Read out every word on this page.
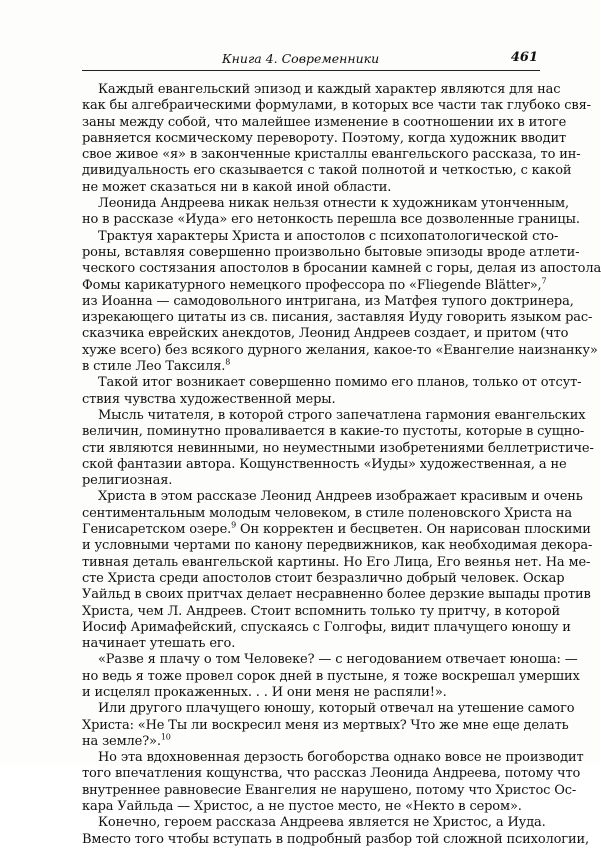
Книга 4. Современники	461
Каждый евангельский эпизод и каждый характер являются для нас
как бы алгебраическими формулами, в которых все части так глубоко свя-
заны между собой, что малейшее изменение в соотношении их в итоге
равняется космическому перевороту. Поэтому, когда художник вводит
свое живое «я» в законченные кристаллы евангельского рассказа, то ин-
дивидуальность его сказывается с такой полнотой и четкостью, с какой
не может сказаться ни в какой иной области.
Леонида Андреева никак нельзя отнести к художникам утонченным,
но в рассказе «Иуда» его нетонкость перешла все дозволенные границы.
Трактуя характеры Христа и апостолов с психопатологической сто-
роны, вставляя совершенно произвольно бытовые эпизоды вроде атлети-
ческого состязания апостолов в бросании камней с горы, делая из апостола
Фомы карикатурного немецкого профессора по «Fliegende Blätter»,$^7$
из Иоанна — самодовольного интригана, из Матфея тупого доктринера,
изрекающего цитаты из св. писания, заставляя Иуду говорить языком рас-
сказчика еврейских анекдотов, Леонид Андреев создает, и притом (что
хуже всего) без всякого дурного желания, какое-то «Евангелие наизнанку»
в стиле Лео Таксиля.$^8$
Такой итог возникает совершенно помимо его планов, только от отсут-
ствия чувства художественной меры.
Мысль читателя, в которой строго запечатлена гармония евангельских
величин, поминутно проваливается в какие-то пустоты, которые в сущно-
сти являются невинными, но неуместными изобретениями беллетристиче-
ской фантазии автора. Кощунственность «Иуды» художественная, а не
религиозная.
Христа в этом рассказе Леонид Андреев изображает красивым и очень
сентиментальным молодым человеком, в стиле поленовского Христа на
Генисаретском озере.$^9$ Он корректен и бесцветен. Он нарисован плоскими
и условными чертами по канону передвижников, как необходимая декора-
тивная деталь евангельской картины. Но Его Лица, Его веянья нет. На ме-
сте Христа среди апостолов стоит безразлично добрый человек. Оскар
Уайльд в своих притчах делает несравненно более дерзкие выпады против
Христа, чем Л. Андреев. Стоит вспомнить только ту притчу, в которой
Иосиф Аримафейский, спускаясь с Голгофы, видит плачущего юношу и
начинает утешать его.
«Разве я плачу о том Человеке? — с негодованием отвечает юноша: —
но ведь я тоже провел сорок дней в пустыне, я тоже воскрешал умерших
и исцелял прокаженных. . . И они меня не распяли!».
Или другого плачущего юношу, который отвечал на утешение самого
Христа: «Не Ты ли воскресил меня из мертвых? Что же мне еще делать
на земле?».$^{10}$
Но эта вдохновенная дерзость богоборства однако вовсе не производит
того впечатления кощунства, что рассказ Леонида Андреева, потому что
внутреннее равновесие Евангелия не нарушено, потому что Христос Ос-
кара Уайльда — Христос, а не пустое место, не «Некто в сером».
Конечно, героем рассказа Андреева является не Христос, а Иуда.
Вместо того чтобы вступать в подробный разбор той сложной психологии,
